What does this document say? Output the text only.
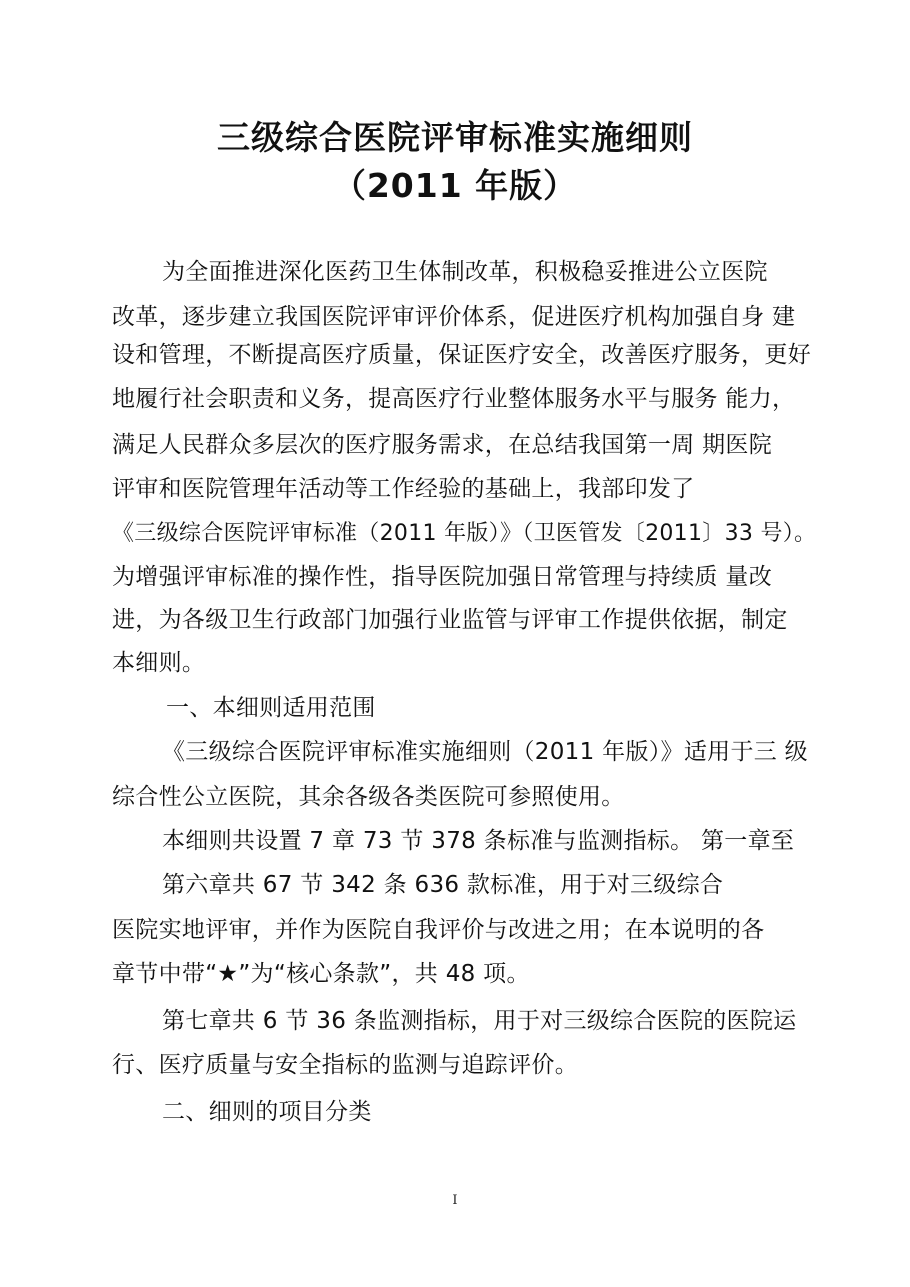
三级综合医院评审标准实施细则
（2011 年版）
为全面推进深化医药卫生体制改革，积极稳妥推进公立医院
改革，逐步建立我国医院评审评价体系，促进医疗机构加强自身 建
设和管理，不断提高医疗质量，保证医疗安全，改善医疗服务，更好
地履行社会职责和义务，提高医疗行业整体服务水平与服务 能力，
满足人民群众多层次的医疗服务需求，在总结我国第一周 期医院
评审和医院管理年活动等工作经验的基础上，我部印发了
《三级综合医院评审标准（2011 年版）》（卫医管发〔2011〕33 号）。
为增强评审标准的操作性，指导医院加强日常管理与持续质 量改
进，为各级卫生行政部门加强行业监管与评审工作提供依据，制定
本细则。
一、本细则适用范围
《三级综合医院评审标准实施细则（2011 年版）》适用于三 级
综合性公立医院，其余各级各类医院可参照使用。
本细则共设置 7 章 73 节 378 条标准与监测指标。 第一章至
第六章共 67 节 342 条 636 款标准，用于对三级综合
医院实地评审，并作为医院自我评价与改进之用；在本说明的各
章节中带“★”为“核心条款”，共 48 项。
第七章共 6 节 36 条监测指标，用于对三级综合医院的医院运
行、医疗质量与安全指标的监测与追踪评价。
二、细则的项目分类
I
